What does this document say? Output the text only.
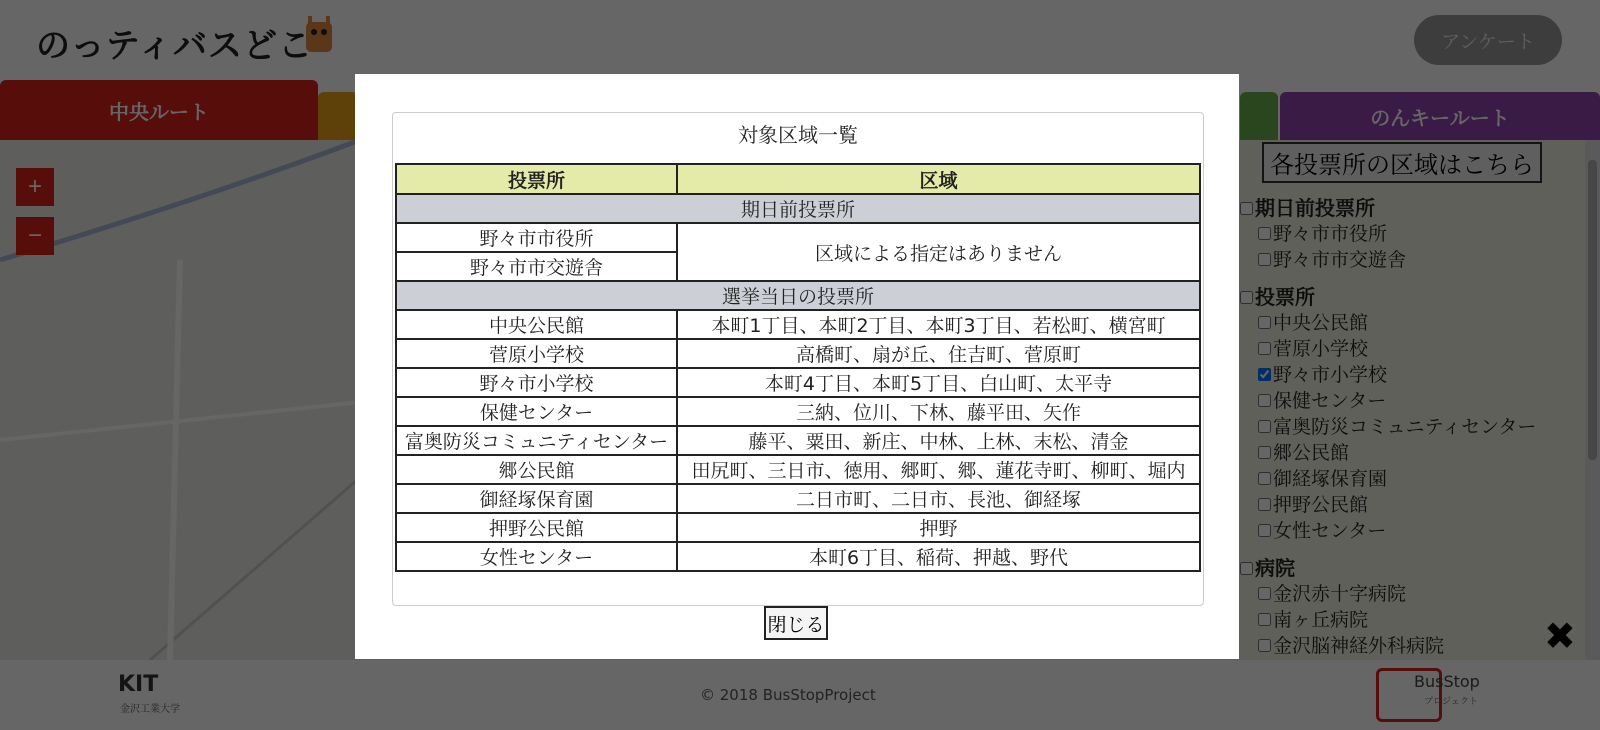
対象区域一覧
投票所	区域
期日前投票所	
野々市市役所	区域による指定はありません
野々市市交遊舎	
選挙当日の投票所	
中央公民館	本町1丁目、本町2丁目、本町3丁目、若松町、横宮町
菅原小学校	高橋町、扇が丘、住吉町、菅原町
野々市小学校	本町4丁目、本町5丁目、白山町、太平寺
保健センター	三納、位川、下林、藤平田、矢作
富奥防災コミュニティセンター	藤平、粟田、新庄、中林、上林、末松、清金
郷公民館	田尻町、三日市、徳用、郷町、郷、蓮花寺町、柳町、堀内
御経塚保育園	二日市町、二日市、長池、御経塚
押野公民館	押野
女性センター	本町6丁目、稲荷、押越、野代
閉じる
